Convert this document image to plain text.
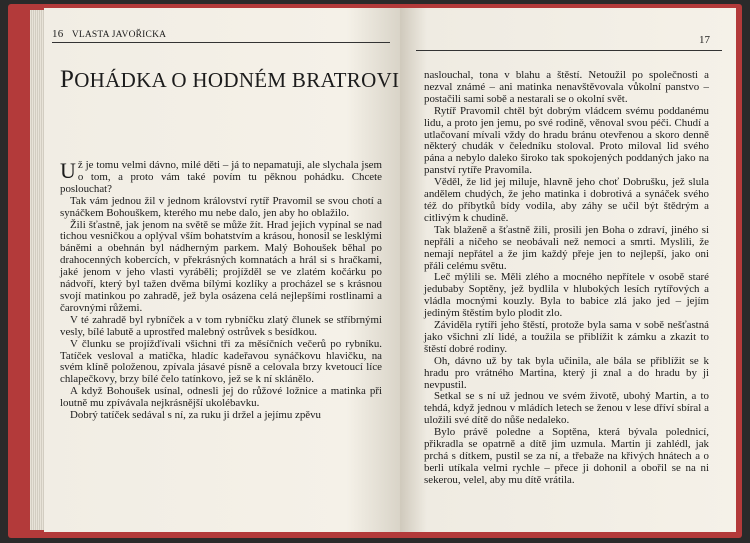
16 VLASTA JAVOŘICKA	17
POHÁDKA O HODNÉM BRATROVI

Už je tomu velmi dávno, milé děti – já to nepamatuji, ale slychala jsem o tom, a proto vám také povím tu pěknou pohádku. Chcete poslouchat?

Tak vám jednou žil v jednom království rytíř Pravomil se svou chotí a synáčkem Bohouškem, kterého mu nebe dalo, jen aby ho oblažilo.

Žili šťastně, jak jenom na světě se může žít. Hrad jejich vypínal se nad tichou vesničkou a oplýval vším bohatstvím a krásou, honosil se lesklými báněmi a obehnán byl nádherným parkem. Malý Bohoušek běhal po drahocenných kobercích, v překrásných komnatách a hrál si s hračkami, jaké jenom v jeho vlasti vyráběli; projížděl se ve zlatém kočárku po nádvoří, který byl tažen dvěma bílými kozlíky a procházel se s krásnou svojí matinkou po zahradě, jež byla osázena celá nejlepšími rostlinami a čarovnými růžemi.

V té zahradě byl rybníček a v tom rybníčku zlatý člunek se stříbrnými vesly, bílé labutě a uprostřed malebný ostrůvek s besídkou.

V člunku se projížďívali všichni tři za měsíčních večerů po rybníku. Tatíček vesloval a matička, hladíc kadeřavou synáčkovu hlavičku, na svém klíně položenou, zpívala jásavé písně a celovala brzy kvetoucí líce chlapečkovy, brzy bílé čelo tatínkovo, jež se k ní sklánělo.

A když Bohoušek usínal, odnesli jej do růžové ložnice a matinka při loutně mu zpívávala nejkrásnější ukolébavku.

Dobrý tatíček sedával s ní, za ruku ji držel a jejímu zpěvu

naslouchal, tona v blahu a štěstí. Netoužil po společnosti a nezval známé – ani matinka nenavštěvovala vůkolní panstvo – postačili sami sobě a nestarali se o okolní svět.

Rytíř Pravomil chtěl být dobrým vládcem svému poddanému lidu, a proto jen jemu, po své rodině, věnoval svou péči. Chudí a utlačovaní mívali vždy do hradu bránu otevřenou a skoro denně některý chudák v čeledníku stoloval. Proto miloval lid svého pána a nebylo daleko široko tak spokojených poddaných jako na panství rytíře Pravomila.

Věděl, že lid jej miluje, hlavně jeho choť Dobrušku, jež slula andělem chudých, že jeho matinka i dobrotivá a synáček svého též do příbytků bídy vodila, aby záhy se učil být štědrým a citlivým k chudině.

Tak blaženě a šťastně žili, prosili jen Boha o zdraví, jiného si nepřáli a ničeho se neobávali než nemoci a smrti. Myslili, že nemají nepřátel a že jim každý přeje jen to nejlepší, jako oni přáli celému světu.

Leč mýlili se. Měli zlého a mocného nepřítele v osobě staré jedubaby Soptěny, jež bydlila v hlubokých lesích rytířových a vládla mocnými kouzly. Byla to babice zlá jako jed – jejím jediným štěstím bylo plodit zlo.

Záviděla rytíři jeho štěstí, protože byla sama v sobě nešťastná jako všichni zlí lidé, a toužila se přiblížit k zámku a zkazit to štěstí dobré rodiny.

Oh, dávno už by tak byla učinila, ale bála se přiblížit se k hradu pro vrátného Martina, který ji znal a do hradu by ji nevpustil.

Setkal se s ní už jednou ve svém životě, ubohý Martin, a to tehdá, když jednou v mládích letech se ženou v lese dříví sbíral a uložili své dítě do nůše nedaleko.

Bylo právě poledne a Soptěna, která bývala polednicí, přikradla se opatrně a dítě jim uzmula. Martin ji zahlédl, jak prchá s dítkem, pustil se za ní, a třebaže na křivých hnátech a o berli utíkala velmi rychle – přece ji dohonil a obořil se na ni sekerou, velel, aby mu dítě vrátila.
